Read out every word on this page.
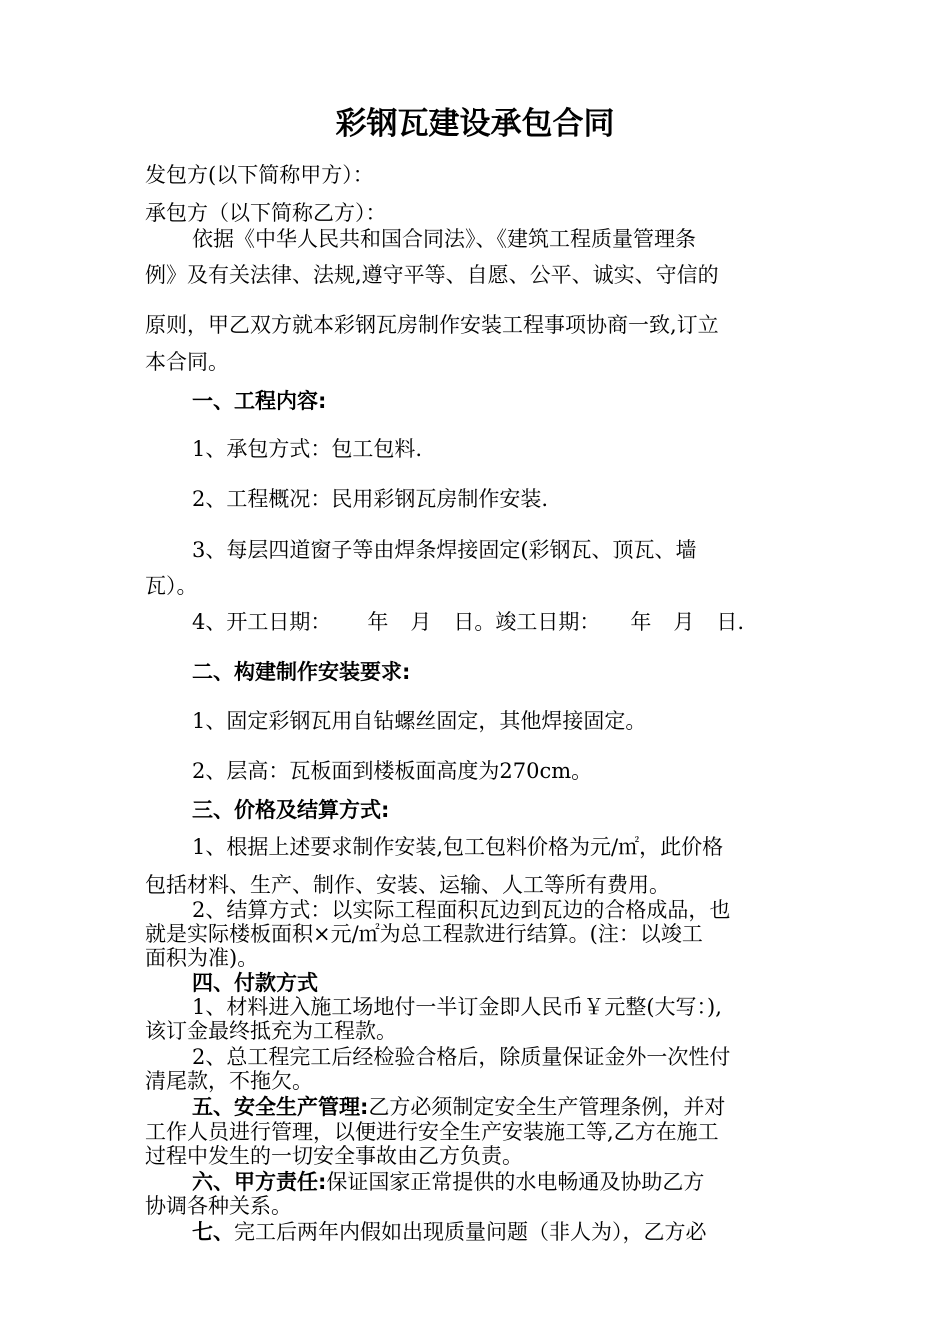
彩钢瓦建设承包合同
发包方(以下简称甲方）：
承包方（以下简称乙方）：
依据《中华人民共和国合同法》、《建筑工程质量管理条
例》及有关法律、法规,遵守平等、自愿、公平、诚实、守信的
原则，甲乙双方就本彩钢瓦房制作安装工程事项协商一致,订立
本合同。
一、工程内容:
1、承包方式：包工包料.
2、工程概况：民用彩钢瓦房制作安装.
3、每层四道窗子等由焊条焊接固定(彩钢瓦、顶瓦、墙
瓦）。
4、开工日期： 年 月 日。竣工日期： 年 月 日.
二、构建制作安装要求:
1、固定彩钢瓦用自钻螺丝固定，其他焊接固定。
2、层高：瓦板面到楼板面高度为270cm。
三、价格及结算方式:
1、根据上述要求制作安装,包工包料价格为元/㎡，此价格
包括材料、生产、制作、安装、运输、人工等所有费用。
2、结算方式：以实际工程面积瓦边到瓦边的合格成品，也
就是实际楼板面积×元/㎡为总工程款进行结算。(注：以竣工
面积为准)。
四、付款方式
1、材料进入施工场地付一半订金即人民币￥元整(大写：),
该订金最终抵充为工程款。
2、总工程完工后经检验合格后，除质量保证金外一次性付
清尾款，不拖欠。
五、安全生产管理:乙方必须制定安全生产管理条例，并对
工作人员进行管理，以便进行安全生产安装施工等,乙方在施工
过程中发生的一切安全事故由乙方负责。
六、甲方责任:保证国家正常提供的水电畅通及协助乙方
协调各种关系。
七、完工后两年内假如出现质量问题（非人为），乙方必
